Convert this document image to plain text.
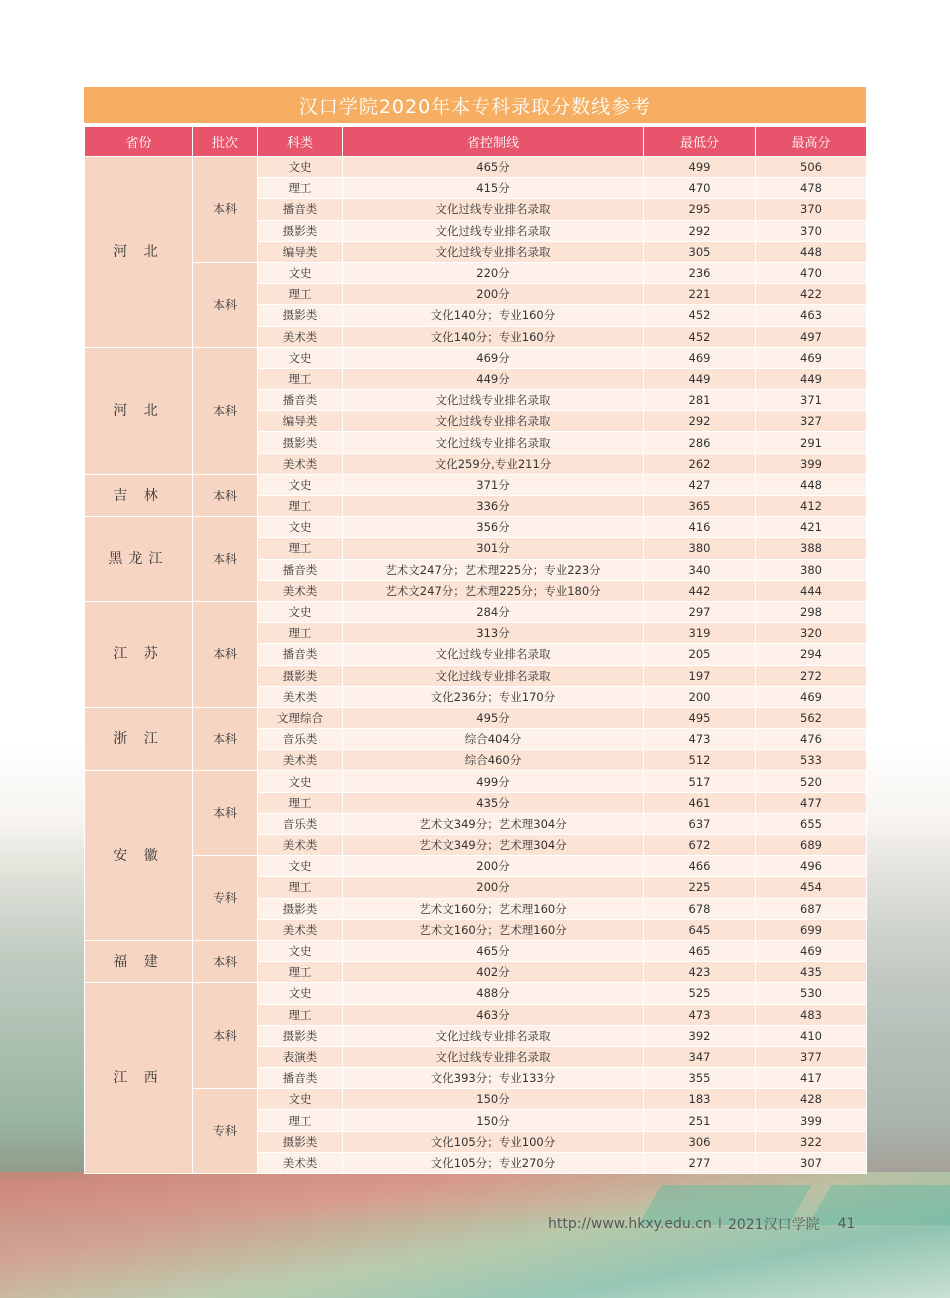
汉口学院2020年本专科录取分数线参考
省份	批次	科类	省控制线	最低分	最高分
河 北	本科	文史	465分	499	506
		理工	415分	470	478
		播音类	文化过线专业排名录取	295	370
		摄影类	文化过线专业排名录取	292	370
		编导类	文化过线专业排名录取	305	448
	本科	文史	220分	236	470
		理工	200分	221	422
		摄影类	文化140分；专业160分	452	463
		美术类	文化140分；专业160分	452	497
河 北	本科	文史	469分	469	469
		理工	449分	449	449
		播音类	文化过线专业排名录取	281	371
		编导类	文化过线专业排名录取	292	327
		摄影类	文化过线专业排名录取	286	291
		美术类	文化259分,专业211分	262	399
吉 林	本科	文史	371分	427	448
		理工	336分	365	412
黑龙江	本科	文史	356分	416	421
		理工	301分	380	388
		播音类	艺术文247分；艺术理225分；专业223分	340	380
		美术类	艺术文247分；艺术理225分；专业180分	442	444
江 苏	本科	文史	284分	297	298
		理工	313分	319	320
		播音类	文化过线专业排名录取	205	294
		摄影类	文化过线专业排名录取	197	272
		美术类	文化236分；专业170分	200	469
浙 江	本科	文理综合	495分	495	562
		音乐类	综合404分	473	476
		美术类	综合460分	512	533
安 徽	本科	文史	499分	517	520
		理工	435分	461	477
		音乐类	艺术文349分；艺术理304分	637	655
		美术类	艺术文349分；艺术理304分	672	689
	专科	文史	200分	466	496
		理工	200分	225	454
		摄影类	艺术文160分；艺术理160分	678	687
		美术类	艺术文160分；艺术理160分	645	699
福 建	本科	文史	465分	465	469
		理工	402分	423	435
江 西	本科	文史	488分	525	530
		理工	463分	473	483
		摄影类	文化过线专业排名录取	392	410
		表演类	文化过线专业排名录取	347	377
		播音类	文化393分；专业133分	355	417
	专科	文史	150分	183	428
		理工	150分	251	399
		摄影类	文化105分；专业100分	306	322
		美术类	文化105分；专业270分	277	307
http://www.hkxy.edu.cn I 2021汉口学院 41
